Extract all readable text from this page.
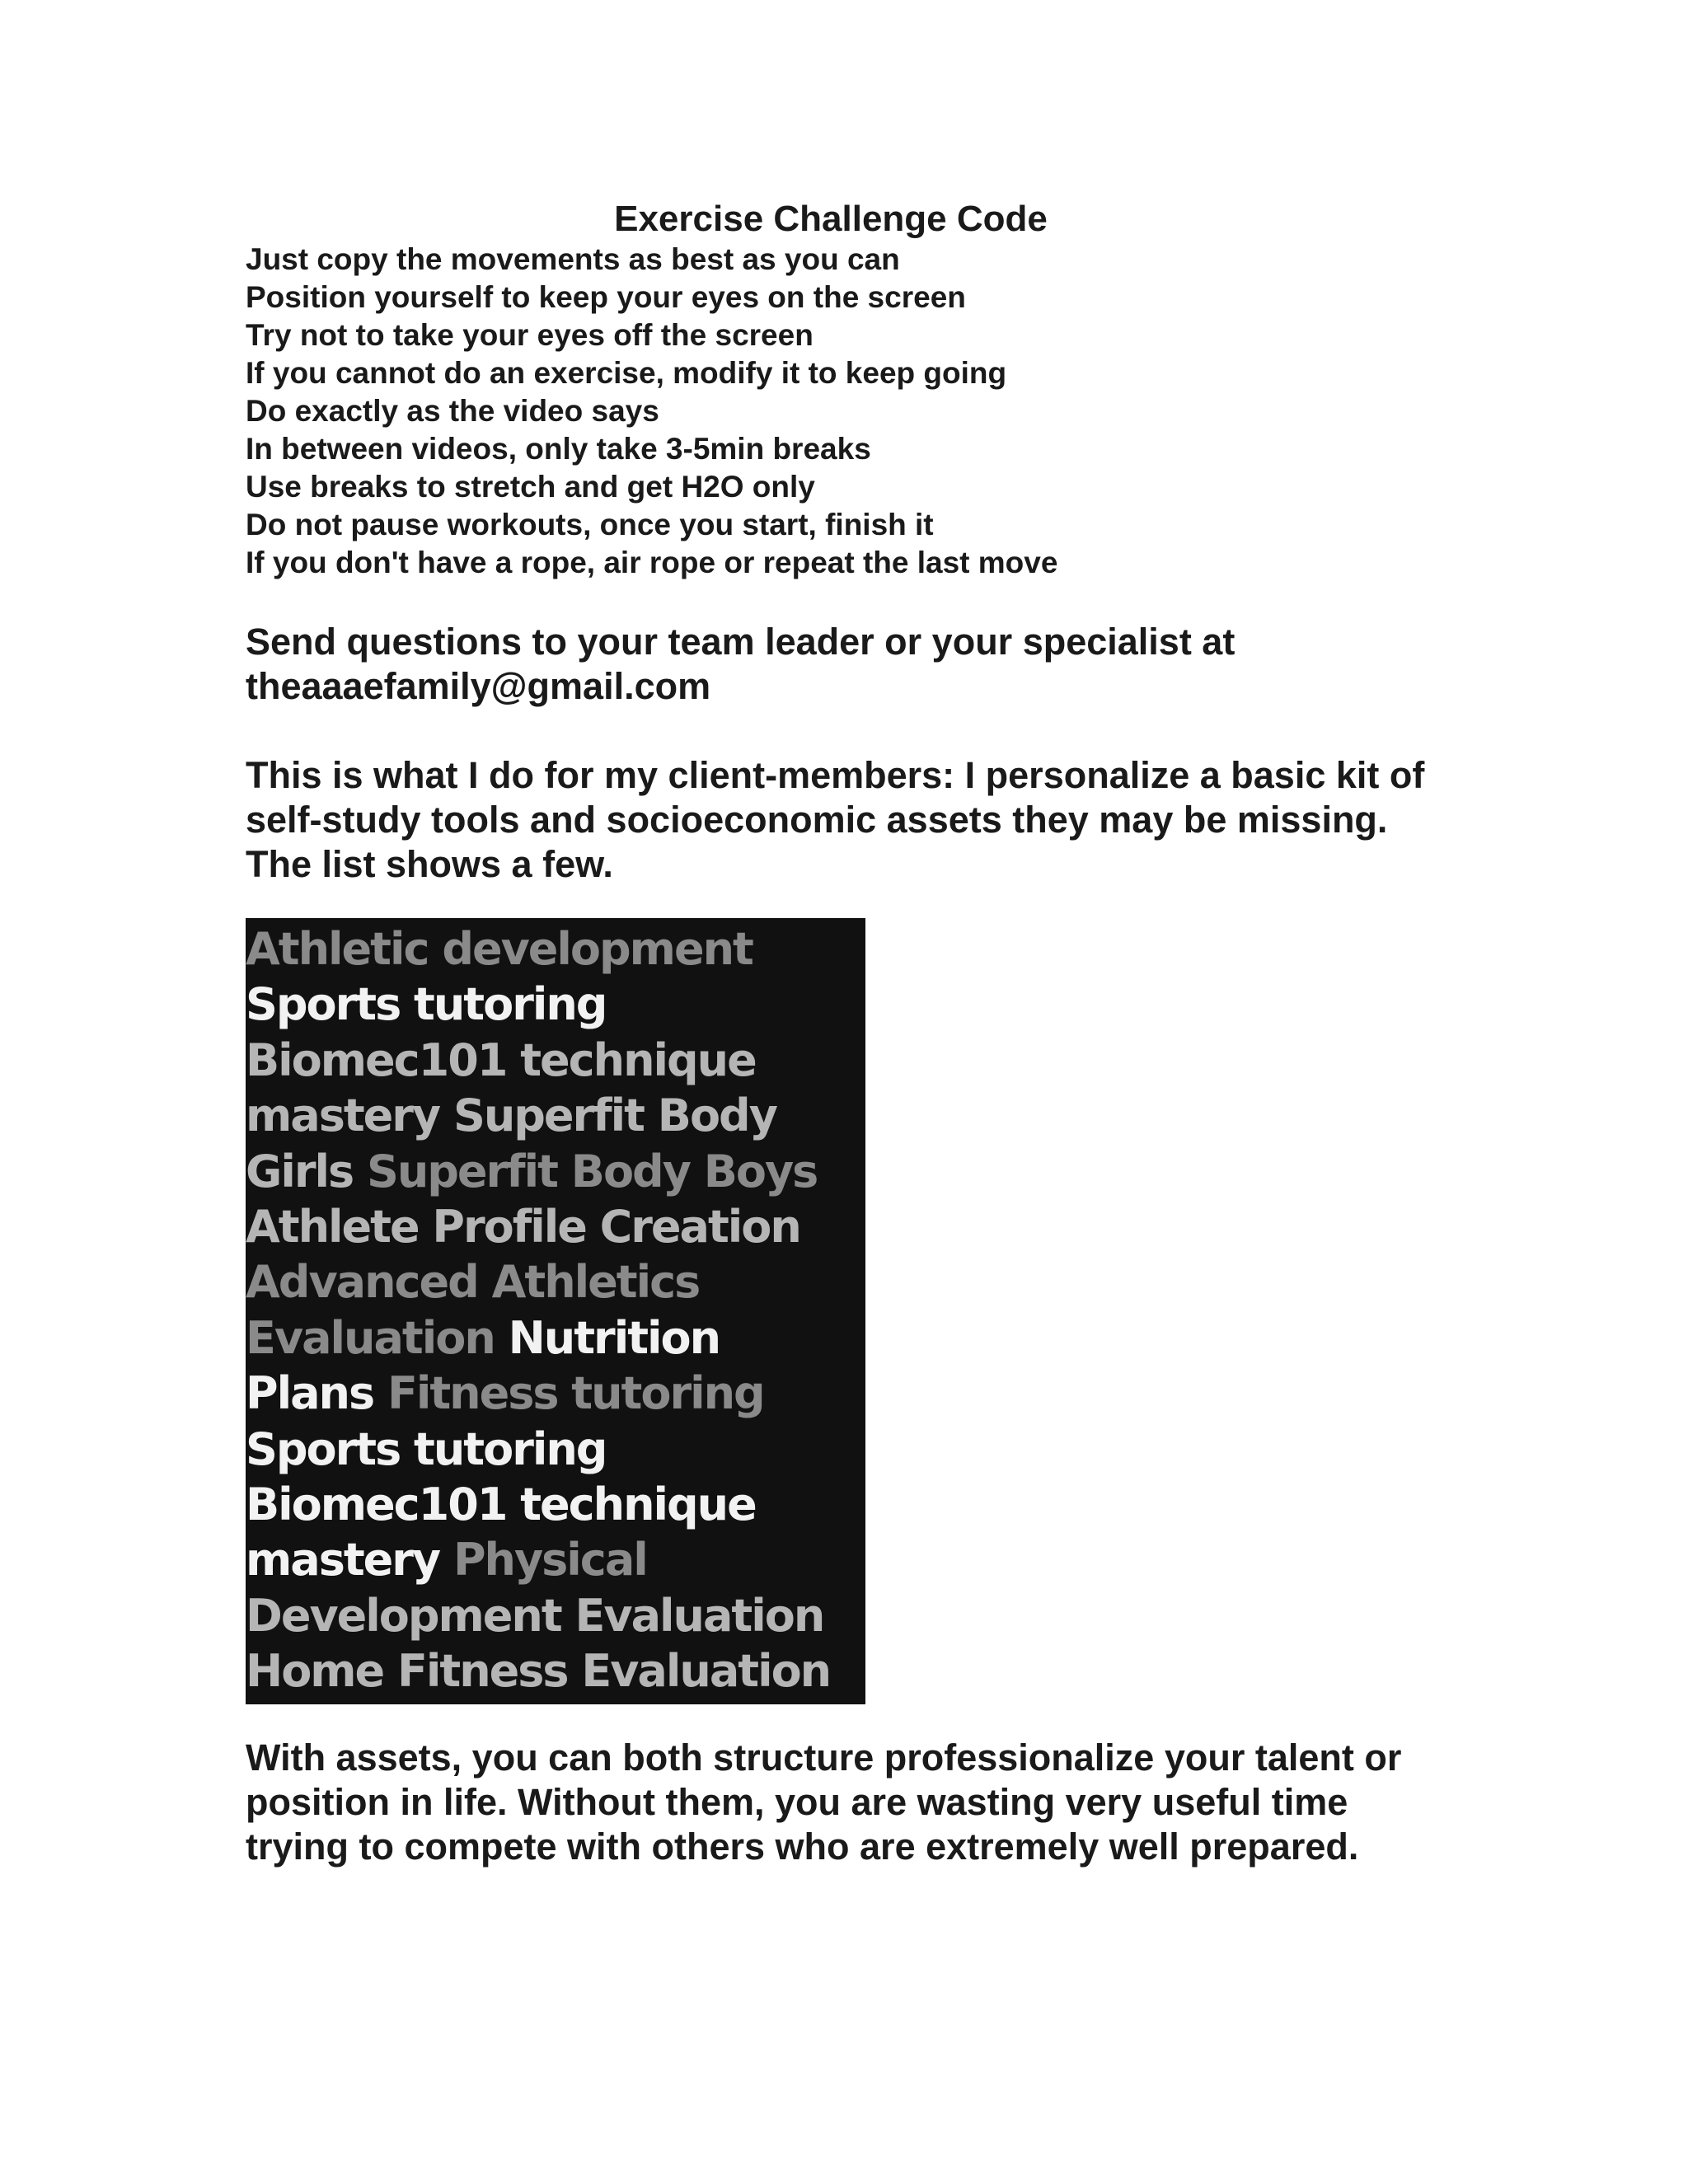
Exercise Challenge Code
Just copy the movements as best as you can
Position yourself to keep your eyes on the screen
Try not to take your eyes off the screen
If you cannot do an exercise, modify it to keep going
Do exactly as the video says
In between videos, only take 3-5min breaks
Use breaks to stretch and get H2O only
Do not pause workouts, once you start, finish it
If you don't have a rope, air rope or repeat the last move

Send questions to your team leader or your specialist at theaaaefamily@gmail.com

This is what I do for my client-members: I personalize a basic kit of self-study tools and socioeconomic assets they may be missing. The list shows a few.

Athletic development
Sports tutoring
Biomec101 technique
mastery Superfit Body
Girls Superfit Body Boys
Athlete Profile Creation
Advanced Athletics
Evaluation Nutrition
Plans Fitness tutoring
Sports tutoring
Biomec101 technique
mastery Physical
Development Evaluation
Home Fitness Evaluation

With assets, you can both structure professionalize your talent or position in life. Without them, you are wasting very useful time trying to compete with others who are extremely well prepared.
